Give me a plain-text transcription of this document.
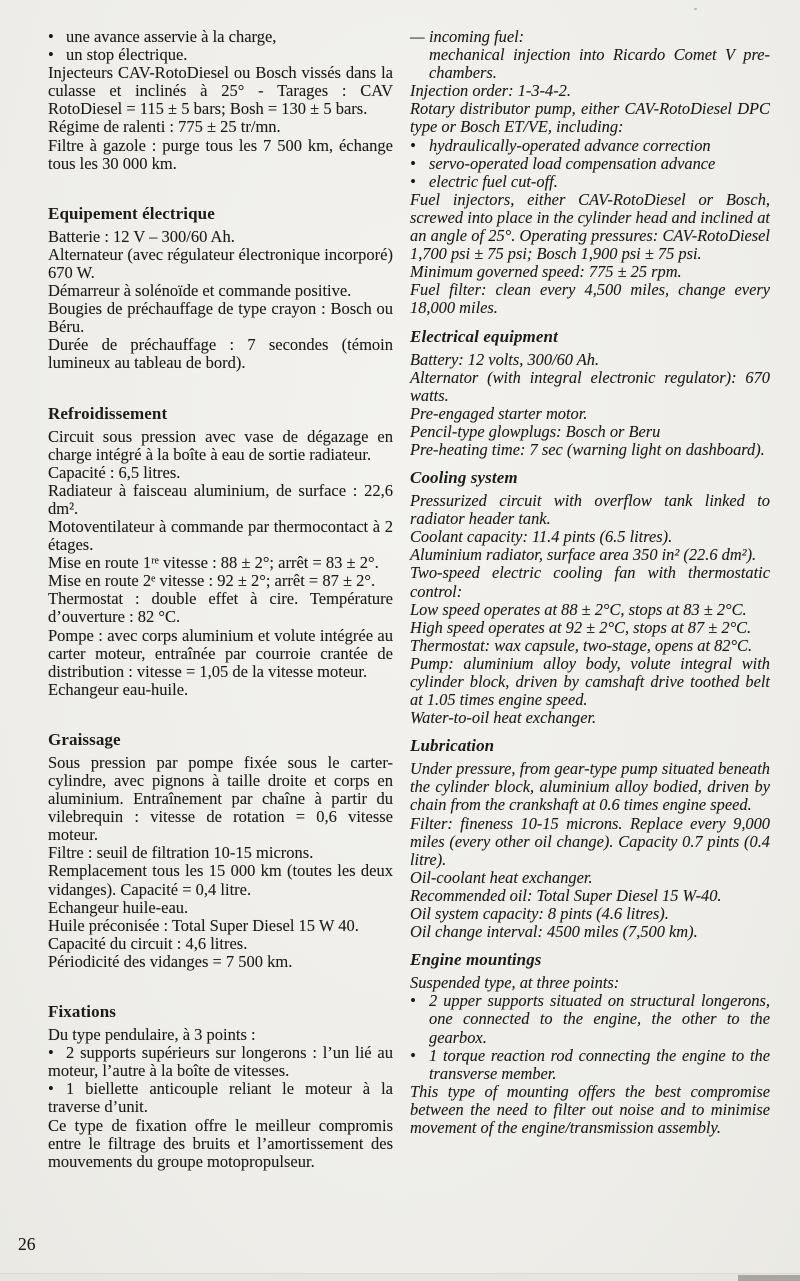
• une avance asservie à la charge,

• un stop électrique.

Injecteurs CAV-RotoDiesel ou Bosch vissés dans la culasse et inclinés à 25° - Tarages : CAV RotoDiesel = 115 ± 5 bars; Bosh = 130 ± 5 bars.

Régime de ralenti : 775 ± 25 tr/mn.

Filtre à gazole : purge tous les 7 500 km, échange tous les 30 000 km.

Equipement électrique

Batterie : 12 V – 300/60 Ah.

Alternateur (avec régulateur électronique incorporé) 670 W.

Démarreur à solénoïde et commande positive.

Bougies de préchauffage de type crayon : Bosch ou Béru.

Durée de préchauffage : 7 secondes (témoin lumineux au tableau de bord).

Refroidissement

Circuit sous pression avec vase de dégazage en charge intégré à la boîte à eau de sortie radiateur.

Capacité : 6,5 litres.

Radiateur à faisceau aluminium, de surface : 22,6 dm².

Motoventilateur à commande par thermocontact à 2 étages.

Mise en route 1ʳᵉ vitesse : 88 ± 2°; arrêt = 83 ± 2°.

Mise en route 2ᵉ vitesse : 92 ± 2°; arrêt = 87 ± 2°.

Thermostat : double effet à cire. Température d’ouverture : 82 °C.

Pompe : avec corps aluminium et volute intégrée au carter moteur, entraînée par courroie crantée de distribution : vitesse = 1,05 de la vitesse moteur.

Echangeur eau-huile.

Graissage

Sous pression par pompe fixée sous le carter-cylindre, avec pignons à taille droite et corps en aluminium. Entraînement par chaîne à partir du vilebrequin : vitesse de rotation = 0,6 vitesse moteur.

Filtre : seuil de filtration 10-15 microns.

Remplacement tous les 15 000 km (toutes les deux vidanges). Capacité = 0,4 litre.

Echangeur huile-eau.

Huile préconisée : Total Super Diesel 15 W 40.

Capacité du circuit : 4,6 litres.

Périodicité des vidanges = 7 500 km.

Fixations

Du type pendulaire, à 3 points :

• 2 supports supérieurs sur longerons : l’un lié au moteur, l’autre à la boîte de vitesses.

• 1 biellette anticouple reliant le moteur à la traverse d’unit.

Ce type de fixation offre le meilleur compromis entre le filtrage des bruits et l’amortissement des mouvements du groupe motopropulseur.

— incoming fuel:

mechanical injection into Ricardo Comet V pre-chambers.

Injection order: 1-3-4-2.

Rotary distributor pump, either CAV-RotoDiesel DPC type or Bosch ET/VE, including:

• hydraulically-operated advance correction

• servo-operated load compensation advance

• electric fuel cut-off.

Fuel injectors, either CAV-RotoDiesel or Bosch, screwed into place in the cylinder head and inclined at an angle of 25°. Operating pressures: CAV-RotoDiesel 1,700 psi ± 75 psi; Bosch 1,900 psi ± 75 psi.

Minimum governed speed: 775 ± 25 rpm.

Fuel filter: clean every 4,500 miles, change every 18,000 miles.

Electrical equipment

Battery: 12 volts, 300/60 Ah.

Alternator (with integral electronic regulator): 670 watts.

Pre-engaged starter motor.

Pencil-type glowplugs: Bosch or Beru

Pre-heating time: 7 sec (warning light on dashboard).

Cooling system

Pressurized circuit with overflow tank linked to radiator header tank.

Coolant capacity: 11.4 pints (6.5 litres).

Aluminium radiator, surface area 350 in² (22.6 dm²).

Two-speed electric cooling fan with thermostatic control:

Low speed operates at 88 ± 2°C, stops at 83 ± 2°C.

High speed operates at 92 ± 2°C, stops at 87 ± 2°C.

Thermostat: wax capsule, two-stage, opens at 82°C.

Pump: aluminium alloy body, volute integral with cylinder block, driven by camshaft drive toothed belt at 1.05 times engine speed.

Water-to-oil heat exchanger.

Lubrication

Under pressure, from gear-type pump situated beneath the cylinder block, aluminium alloy bodied, driven by chain from the crankshaft at 0.6 times engine speed.

Filter: fineness 10-15 microns. Replace every 9,000 miles (every other oil change). Capacity 0.7 pints (0.4 litre).

Oil-coolant heat exchanger.

Recommended oil: Total Super Diesel 15 W-40.

Oil system capacity: 8 pints (4.6 litres).

Oil change interval: 4500 miles (7,500 km).

Engine mountings

Suspended type, at three points:

• 2 upper supports situated on structural longerons, one connected to the engine, the other to the gearbox.

• 1 torque reaction rod connecting the engine to the transverse member.

This type of mounting offers the best compromise between the need to filter out noise and to minimise movement of the engine/transmission assembly.

26
